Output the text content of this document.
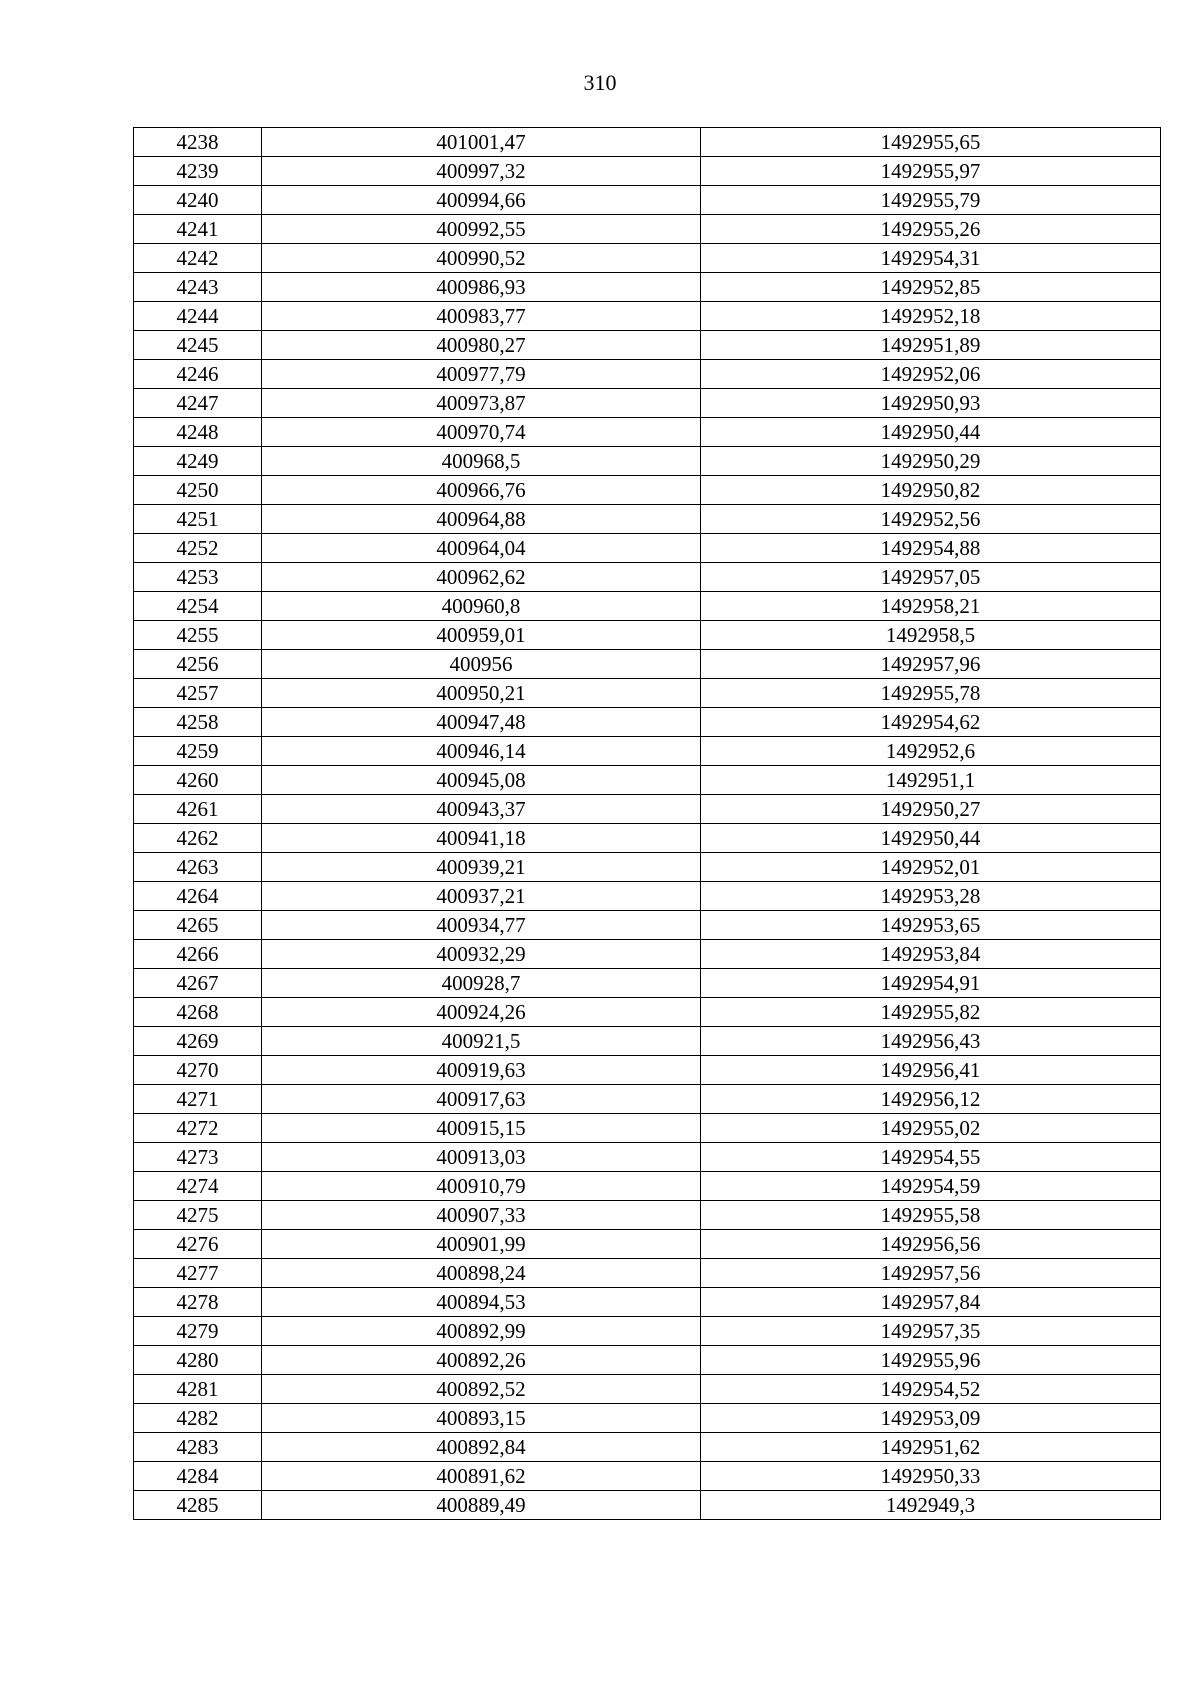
310
4238	401001,47	1492955,65
4239	400997,32	1492955,97
4240	400994,66	1492955,79
4241	400992,55	1492955,26
4242	400990,52	1492954,31
4243	400986,93	1492952,85
4244	400983,77	1492952,18
4245	400980,27	1492951,89
4246	400977,79	1492952,06
4247	400973,87	1492950,93
4248	400970,74	1492950,44
4249	400968,5	1492950,29
4250	400966,76	1492950,82
4251	400964,88	1492952,56
4252	400964,04	1492954,88
4253	400962,62	1492957,05
4254	400960,8	1492958,21
4255	400959,01	1492958,5
4256	400956	1492957,96
4257	400950,21	1492955,78
4258	400947,48	1492954,62
4259	400946,14	1492952,6
4260	400945,08	1492951,1
4261	400943,37	1492950,27
4262	400941,18	1492950,44
4263	400939,21	1492952,01
4264	400937,21	1492953,28
4265	400934,77	1492953,65
4266	400932,29	1492953,84
4267	400928,7	1492954,91
4268	400924,26	1492955,82
4269	400921,5	1492956,43
4270	400919,63	1492956,41
4271	400917,63	1492956,12
4272	400915,15	1492955,02
4273	400913,03	1492954,55
4274	400910,79	1492954,59
4275	400907,33	1492955,58
4276	400901,99	1492956,56
4277	400898,24	1492957,56
4278	400894,53	1492957,84
4279	400892,99	1492957,35
4280	400892,26	1492955,96
4281	400892,52	1492954,52
4282	400893,15	1492953,09
4283	400892,84	1492951,62
4284	400891,62	1492950,33
4285	400889,49	1492949,3
